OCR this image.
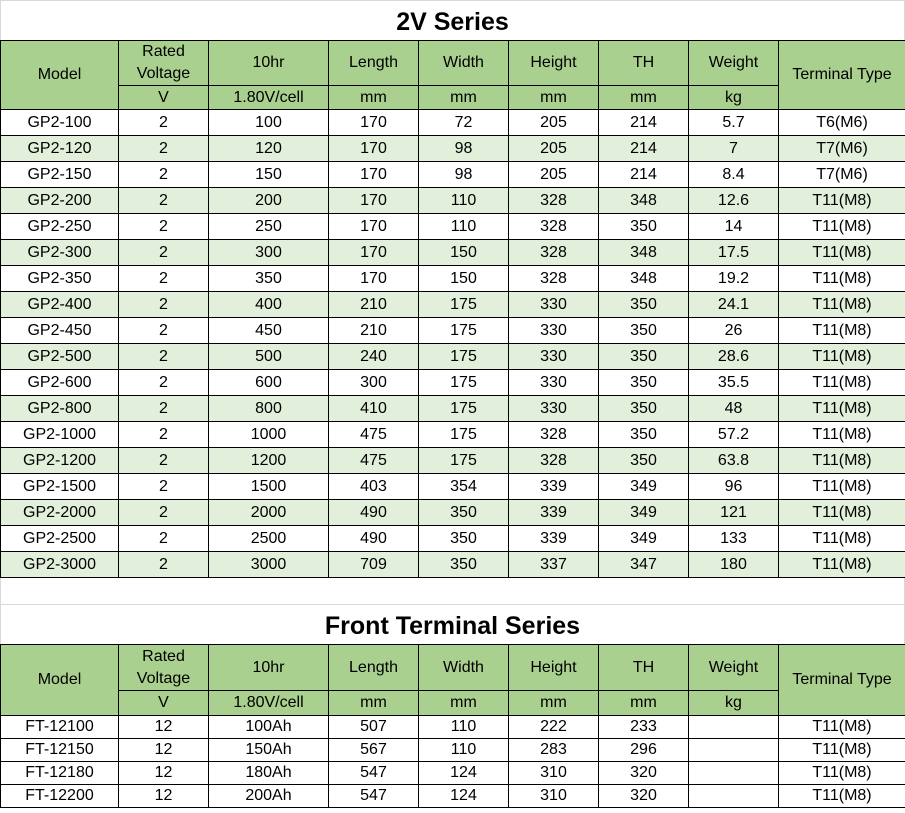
2V Series
Model	Rated Voltage	10hr	Length	Width	Height	TH	Weight	Terminal Type
	V	1.80V/cell	mm	mm	mm	mm	kg	
GP2-100	2	100	170	72	205	214	5.7	T6(M6)
GP2-120	2	120	170	98	205	214	7	T7(M6)
GP2-150	2	150	170	98	205	214	8.4	T7(M6)
GP2-200	2	200	170	110	328	348	12.6	T11(M8)
GP2-250	2	250	170	110	328	350	14	T11(M8)
GP2-300	2	300	170	150	328	348	17.5	T11(M8)
GP2-350	2	350	170	150	328	348	19.2	T11(M8)
GP2-400	2	400	210	175	330	350	24.1	T11(M8)
GP2-450	2	450	210	175	330	350	26	T11(M8)
GP2-500	2	500	240	175	330	350	28.6	T11(M8)
GP2-600	2	600	300	175	330	350	35.5	T11(M8)
GP2-800	2	800	410	175	330	350	48	T11(M8)
GP2-1000	2	1000	475	175	328	350	57.2	T11(M8)
GP2-1200	2	1200	475	175	328	350	63.8	T11(M8)
GP2-1500	2	1500	403	354	339	349	96	T11(M8)
GP2-2000	2	2000	490	350	339	349	121	T11(M8)
GP2-2500	2	2500	490	350	339	349	133	T11(M8)
GP2-3000	2	3000	709	350	337	347	180	T11(M8)
Front Terminal Series
Model	Rated Voltage	10hr	Length	Width	Height	TH	Weight	Terminal Type
	V	1.80V/cell	mm	mm	mm	mm	kg	
FT-12100	12	100Ah	507	110	222	233		T11(M8)
FT-12150	12	150Ah	567	110	283	296		T11(M8)
FT-12180	12	180Ah	547	124	310	320		T11(M8)
FT-12200	12	200Ah	547	124	310	320		T11(M8)
